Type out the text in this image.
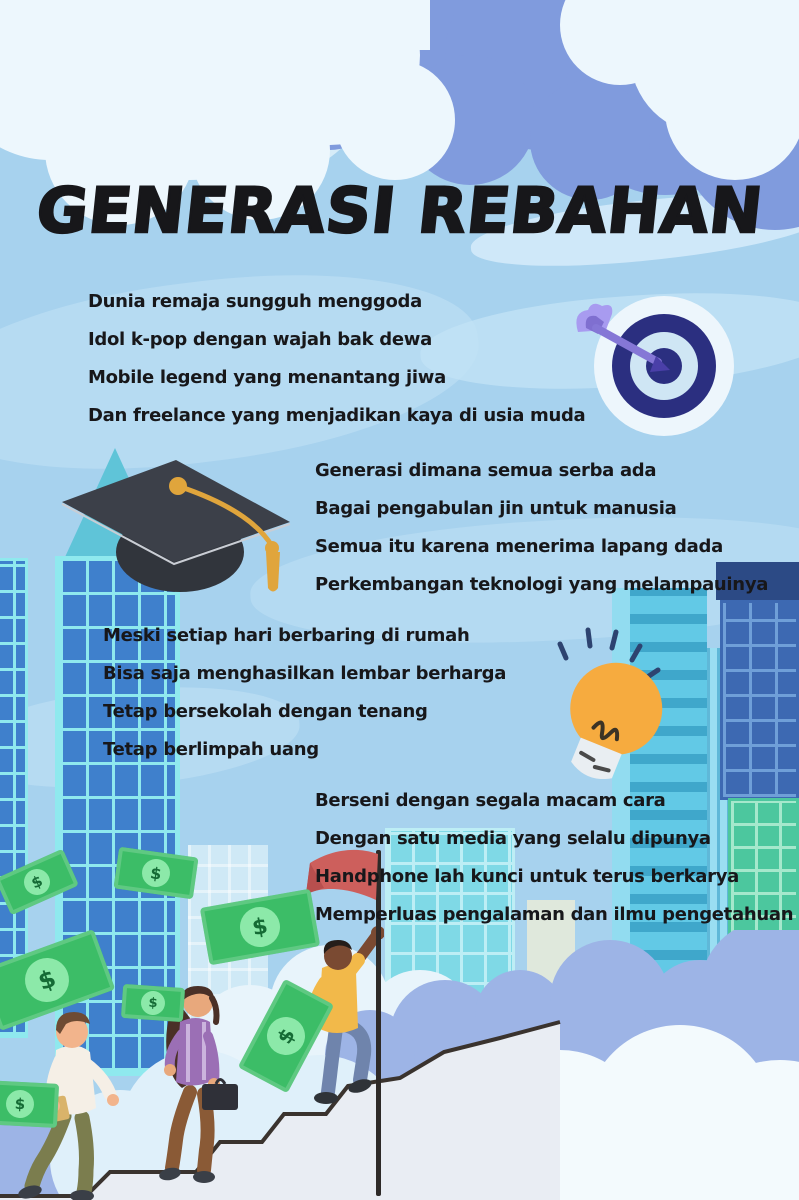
$	$
$
$
$
$
$
GENERASI REBAHAN
Dunia remaja sungguh menggoda
Idol k-pop dengan wajah bak dewa
Mobile legend yang menantang jiwa
Dan freelance yang menjadikan kaya di usia muda
Generasi dimana semua serba ada
Bagai pengabulan jin untuk manusia
Semua itu karena menerima lapang dada
Perkembangan teknologi yang melampauinya
Meski setiap hari berbaring di rumah
Bisa saja menghasilkan lembar berharga
Tetap bersekolah dengan tenang
Tetap berlimpah uang
Berseni dengan segala macam cara
Dengan satu media yang selalu dipunya
Handphone lah kunci untuk terus berkarya
Memperluas pengalaman dan ilmu pengetahuan
